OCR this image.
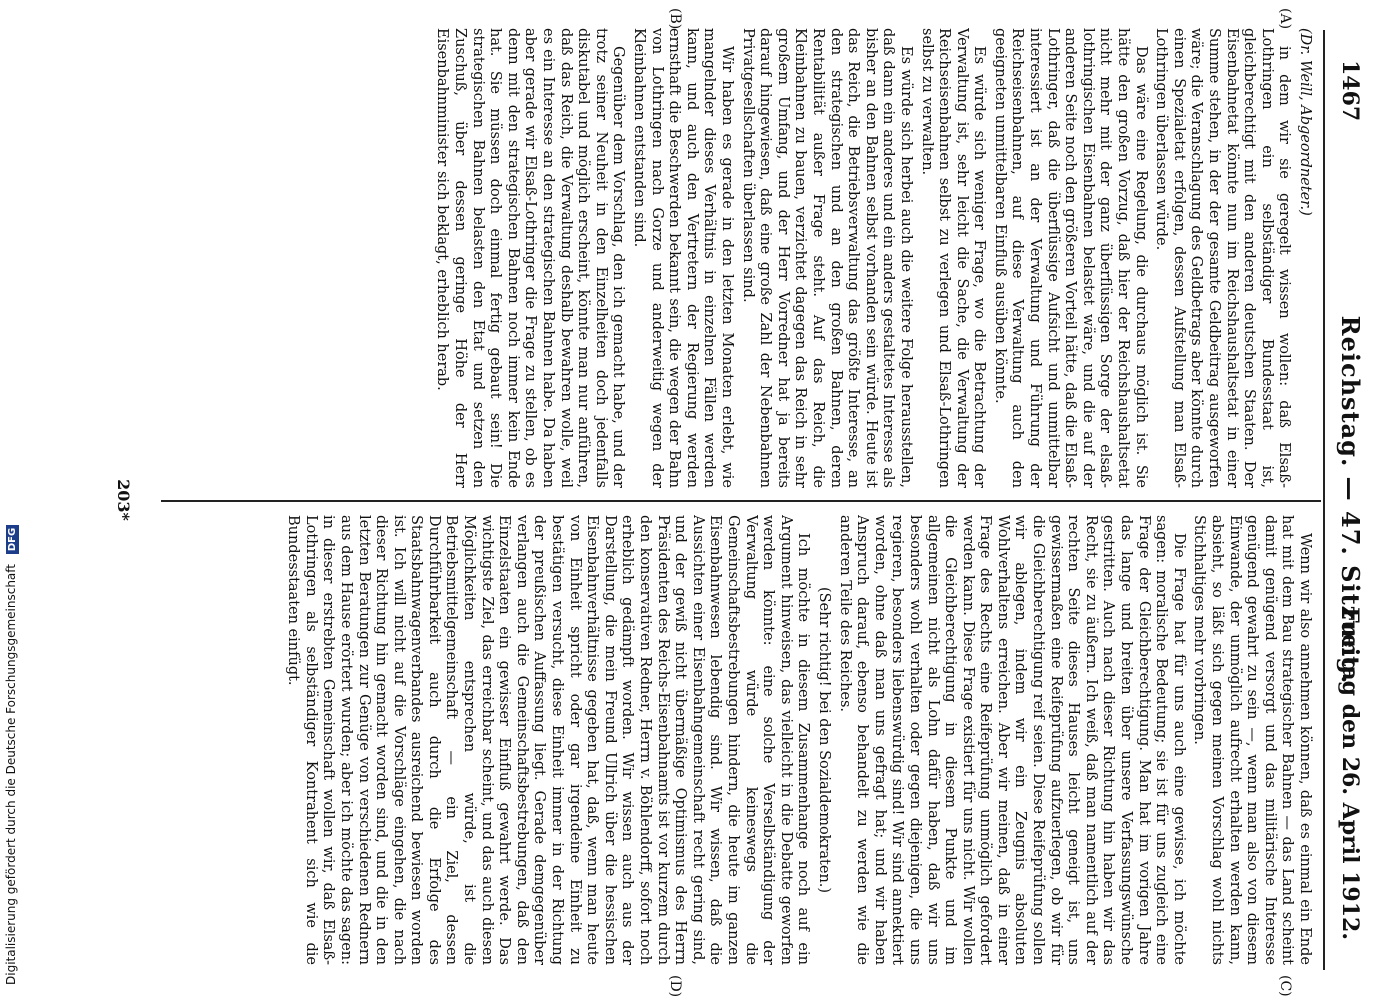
1467
Reichstag. — 47. Sitzung.
Freitag den 26. April 1912.
(A)
(B)
(C)
(D)

(Dr. Weill, Abgeordneter.)

in dem wir sie geregelt wissen wollen: daß Elsaß-Lothringen ein selbständiger Bundesstaat ist, gleichberechtigt mit den anderen deutschen Staaten. Der Eisenbahnetat könnte nun im Reichshaushaltsetat in einer Summe stehen, in der der gesamte Geldbeitrag ausgeworfen wäre; die Veranschlagung des Geldbetrags aber könnte durch einen Spezialetat erfolgen, dessen Aufstellung man Elsaß-Lothringen überlassen würde.

Das wäre eine Regelung, die durchaus möglich ist. Sie hätte den großen Vorzug, daß hier der Reichshaushaltsetat nicht mehr mit der ganz überflüssigen Sorge der elsaß-lothringischen Eisenbahnen belastet wäre, und die auf der anderen Seite noch den größeren Vorteil hätte, daß die Elsaß-Lothringer, daß die überflüssige Aufsicht und unmittelbar interessiert ist an der Verwaltung und Führung der Reichseisenbahnen, auf diese Verwaltung auch den geeigneten unmittelbaren Einfluß ausüben könnte.

Es würde sich weniger Frage, wo die Betrachtung der Verwaltung ist, sehr leicht die Sache, die Verwaltung der Reichseisenbahnen selbst zu verlegen und Elsaß-Lothringen selbst zu verwalten.

Es würde sich herbei auch die weitere Folge herausstellen, daß dann ein anderes und ein anders gestaltetes Interesse als bisher an den Bahnen selbst vorhanden sein würde. Heute ist das Reich, die Betriebsverwaltung das größte Interesse, an den strategischen und an den großen Bahnen, deren Rentabilität außer Frage steht. Auf das Reich, die Kleinbahnen zu bauen, verzichtet dagegen das Reich in sehr großem Umfang, und der Herr Vorredner hat ja bereits darauf hingewiesen, daß eine große Zahl der Nebenbahnen Privatgesellschaften überlassen sind.

Wir haben es gerade in den letzten Monaten erlebt, wie mangelnder dieses Verhältnis in einzelnen Fällen werden kann, und auch den Vertretern der Regierung werden ernsthaft die Beschwerden bekannt sein, die wegen der Bahn von Lothringen nach Gorze und anderweitig wegen der Kleinbahnen entstanden sind.

Gegenüber dem Vorschlag, den ich gemacht habe, und der trotz seiner Neuheit in den Einzelheiten doch jedenfalls diskutabel und möglich erscheint, könnte man nur anführen, daß das Reich, die Verwaltung deshalb bewahren wolle, weil es ein Interesse an den strategischen Bahnen habe. Da haben aber gerade wir Elsaß-Lothringer die Frage zu stellen, ob es denn mit den strategischen Bahnen noch immer kein Ende hat. Sie müssen doch einmal fertig gebaut sein! Die strategischen Bahnen belasten den Etat und setzen den Zuschuß, über dessen geringe Höhe der Herr Eisenbahnminister sich beklagt, erheblich herab.

Wenn wir also annehmen können, daß es einmal ein Ende hat mit dem Bau strategischer Bahnen — das Land scheint damit genügend versorgt und das militärische Interesse genügend gewahrt zu sein —, wenn man also von diesem Einwande, der unmöglich aufrecht erhalten werden kann, absieht, so läßt sich gegen meinen Vorschlag wohl nichts Stichhaltiges mehr vorbringen.

Die Frage hat für uns auch eine gewisse, ich möchte sagen: moralische Bedeutung; sie ist für uns zugleich eine Frage der Gleichberechtigung. Man hat im vorigen Jahre das lange und breiten über unsere Verfassungswünsche gestritten. Auch nach dieser Richtung hin haben wir das Recht, sie zu äußern. Ich weiß, daß man namentlich auf der rechten Seite dieses Hauses leicht geneigt ist, uns gewissermaßen eine Reifeprüfung aufzuerlegen, ob wir für die Gleichberechtigung reif seien. Diese Reifeprüfung sollen wir ablegen, indem wir ein Zeugnis absoluten Wohlverhaltens erreichen. Aber wir meinen, daß in einer Frage des Rechts eine Reifeprüfung unmöglich gefordert werden kann. Diese Frage existiert für uns nicht. Wir wollen die Gleichberechtigung in diesem Punkte und im allgemeinen nicht als Lohn dafür haben, daß wir uns besonders wohl verhalten oder gegen diejenigen, die uns regieren, besonders liebenswürdig sind! Wir sind annektiert worden, ohne daß man uns gefragt hat; und wir haben Anspruch darauf, ebenso behandelt zu werden wie die anderen Teile des Reiches.

(Sehr richtig! bei den Sozialdemokraten.)

Ich möchte in diesem Zusammenhange noch auf ein Argument hinweisen, das vielleicht in die Debatte geworfen werden könnte: eine solche Verselbständigung der Verwaltung würde keineswegs die Gemeinschaftsbestrebungen hindern, die heute im ganzen Eisenbahnwesen lebendig sind. Wir wissen, daß die Aussichten einer Eisenbahngemeinschaft recht gering sind, und der gewiß nicht übermäßige Optimismus des Herrn Präsidenten des Reichs-Eisenbahnamts ist vor kurzem durch den konservativen Redner, Herrn v. Böhlendorff, sofort noch erheblich gedämpft worden. Wir wissen auch aus der Darstellung, die mein Freund Ullrich über die hessischen Eisenbahnverhältnisse gegeben hat, daß, wenn man heute von Einheit spricht oder gar irgendeine Einheit zu bestätigen versucht, diese Einheit immer in der Richtung der preußischen Auffassung liegt. Gerade demgegenüber verlangen auch die Gemeinschaftsbestrebungen, daß den Einzelstaaten ein gewisser Einfluß gewahrt werde. Das wichtigste Ziel, das erreichbar scheint, und das auch diesen Möglichkeiten entsprechen würde, ist die Betriebsmittelgemeinschaft — ein Ziel, dessen Durchführbarkeit auch durch die Erfolge des Staatsbahnwagenverbandes ausreichend bewiesen worden ist. Ich will nicht auf die Vorschläge eingehen, die nach dieser Richtung hin gemacht worden sind, und die in den letzten Beratungen zur Genüge von verschiedenen Rednern aus dem Hause erörtert wurden; aber ich möchte das sagen: in dieser erstrebten Gemeinschaft wollen wir, daß Elsaß-Lothringen als selbständiger Kontrahent sich wie die Bundesstaaten einfügt.

203*
Digitalisierung gefördert durch die Deutsche Forschungsgemeinschaft DFG
